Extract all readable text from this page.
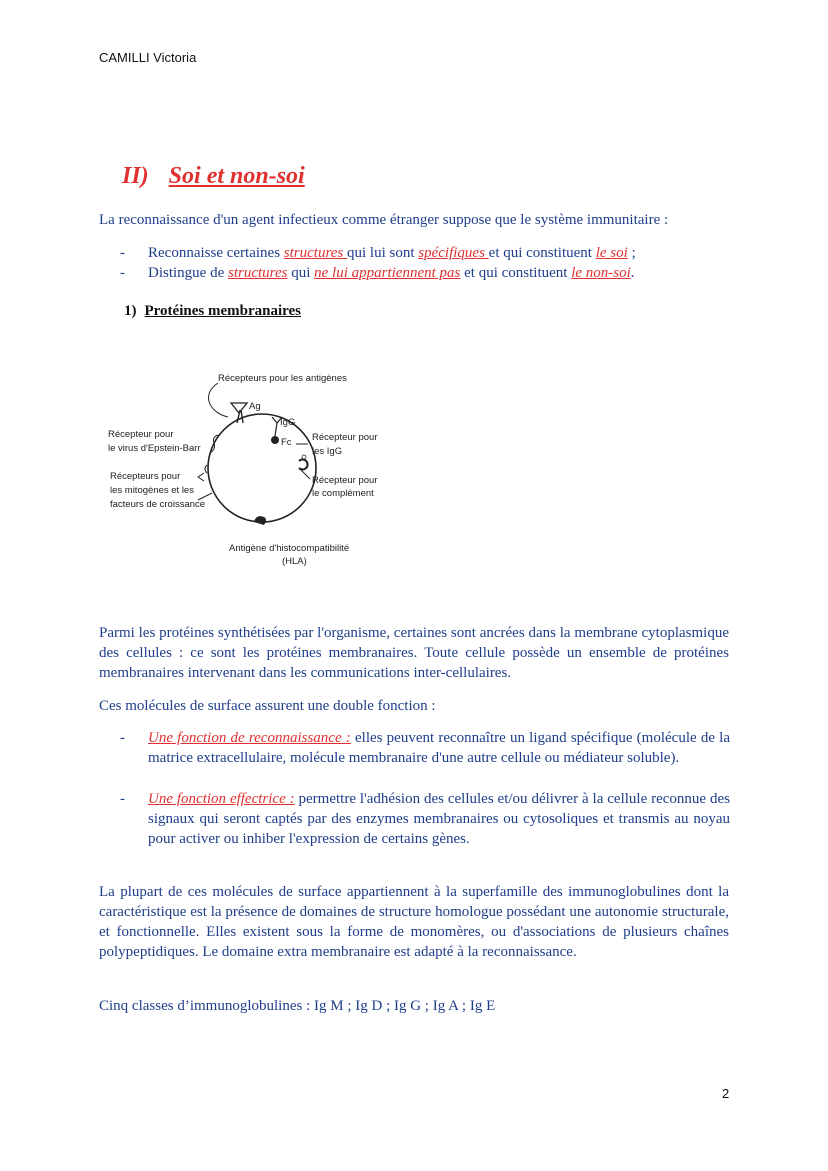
CAMILLI Victoria
II) Soi et non-soi
La reconnaissance d'un agent infectieux comme étranger suppose que le système immunitaire :
- Reconnaisse certaines structures qui lui sont spécifiques et qui constituent le soi ;
- Distingue de structures qui ne lui appartiennent pas et qui constituent le non-soi.
1) Protéines membranaires
Récepteurs pour les antigènes
Ag
IgG
Fc
Récepteur pour
le virus d'Epstein-Barr
Récepteur pour
les IgG
Récepteurs pour
les mitogènes et les
facteurs de croissance
Récepteur pour
le complément
Antigène d'histocompatibilité
(HLA)
Parmi les protéines synthétisées par l'organisme, certaines sont ancrées dans la membrane cytoplasmique des cellules : ce sont les protéines membranaires. Toute cellule possède un ensemble de protéines membranaires intervenant dans les communications inter-cellulaires.
Ces molécules de surface assurent une double fonction :
- Une fonction de reconnaissance : elles peuvent reconnaître un ligand spécifique (molécule de la matrice extracellulaire, molécule membranaire d'une autre cellule ou médiateur soluble).
- Une fonction effectrice : permettre l'adhésion des cellules et/ou délivrer à la cellule reconnue des signaux qui seront captés par des enzymes membranaires ou cytosoliques et transmis au noyau pour activer ou inhiber l'expression de certains gènes.
La plupart de ces molécules de surface appartiennent à la superfamille des immunoglobulines dont la caractéristique est la présence de domaines de structure homologue possédant une autonomie structurale, et fonctionnelle. Elles existent sous la forme de monomères, ou d'associations de plusieurs chaînes polypeptidiques. Le domaine extra membranaire est adapté à la reconnaissance.
Cinq classes d’immunoglobulines : Ig M ; Ig D ; Ig G ; Ig A ; Ig E
2
